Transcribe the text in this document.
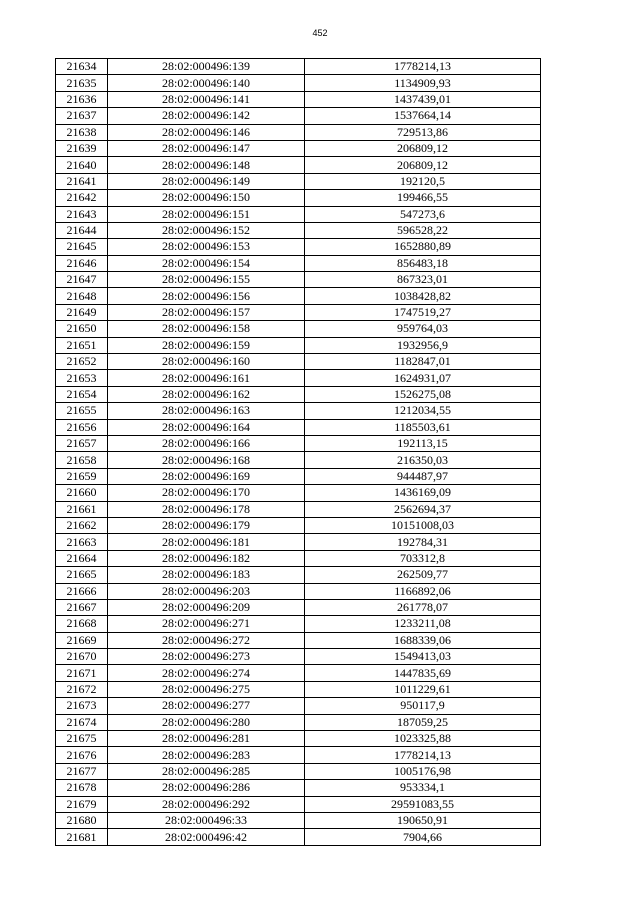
452
21634	28:02:000496:139	1778214,13
21635	28:02:000496:140	1134909,93
21636	28:02:000496:141	1437439,01
21637	28:02:000496:142	1537664,14
21638	28:02:000496:146	729513,86
21639	28:02:000496:147	206809,12
21640	28:02:000496:148	206809,12
21641	28:02:000496:149	192120,5
21642	28:02:000496:150	199466,55
21643	28:02:000496:151	547273,6
21644	28:02:000496:152	596528,22
21645	28:02:000496:153	1652880,89
21646	28:02:000496:154	856483,18
21647	28:02:000496:155	867323,01
21648	28:02:000496:156	1038428,82
21649	28:02:000496:157	1747519,27
21650	28:02:000496:158	959764,03
21651	28:02:000496:159	1932956,9
21652	28:02:000496:160	1182847,01
21653	28:02:000496:161	1624931,07
21654	28:02:000496:162	1526275,08
21655	28:02:000496:163	1212034,55
21656	28:02:000496:164	1185503,61
21657	28:02:000496:166	192113,15
21658	28:02:000496:168	216350,03
21659	28:02:000496:169	944487,97
21660	28:02:000496:170	1436169,09
21661	28:02:000496:178	2562694,37
21662	28:02:000496:179	10151008,03
21663	28:02:000496:181	192784,31
21664	28:02:000496:182	703312,8
21665	28:02:000496:183	262509,77
21666	28:02:000496:203	1166892,06
21667	28:02:000496:209	261778,07
21668	28:02:000496:271	1233211,08
21669	28:02:000496:272	1688339,06
21670	28:02:000496:273	1549413,03
21671	28:02:000496:274	1447835,69
21672	28:02:000496:275	1011229,61
21673	28:02:000496:277	950117,9
21674	28:02:000496:280	187059,25
21675	28:02:000496:281	1023325,88
21676	28:02:000496:283	1778214,13
21677	28:02:000496:285	1005176,98
21678	28:02:000496:286	953334,1
21679	28:02:000496:292	29591083,55
21680	28:02:000496:33	190650,91
21681	28:02:000496:42	7904,66
